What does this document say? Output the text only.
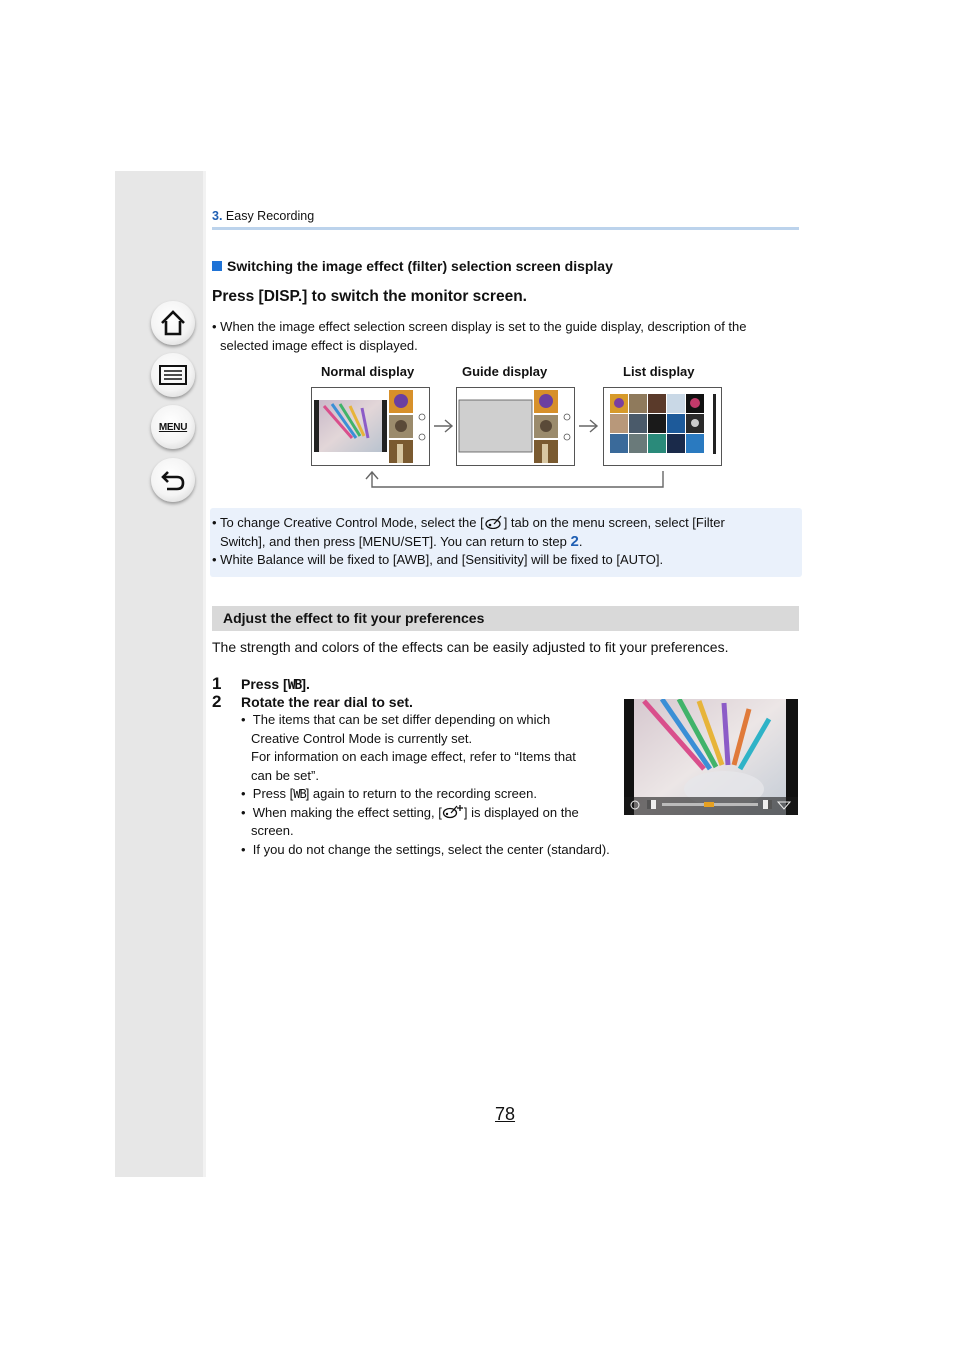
MENU
3. Easy Recording
Switching the image effect (filter) selection screen display
Press [DISP.] to switch the monitor screen.
• When the image effect selection screen display is set to the guide display, description of the
selected image effect is displayed.
Normal display	Guide display	List display
• To change Creative Control Mode, select the [ ] tab on the menu screen, select [Filter
Switch], and then press [MENU/SET]. You can return to step 2.
• White Balance will be fixed to [AWB], and [Sensitivity] will be fixed to [AUTO].
Adjust the effect to fit your preferences
The strength and colors of the effects can be easily adjusted to fit your preferences.
1 Press [WB].
2 Rotate the rear dial to set.
•  The items that can be set differ depending on which
Creative Control Mode is currently set.
For information on each image effect, refer to “Items that
can be set”.
•  Press [WB] again to return to the recording screen.
•  When making the effect setting, [ ] is displayed on the
screen.
•  If you do not change the settings, select the center (standard).
78
